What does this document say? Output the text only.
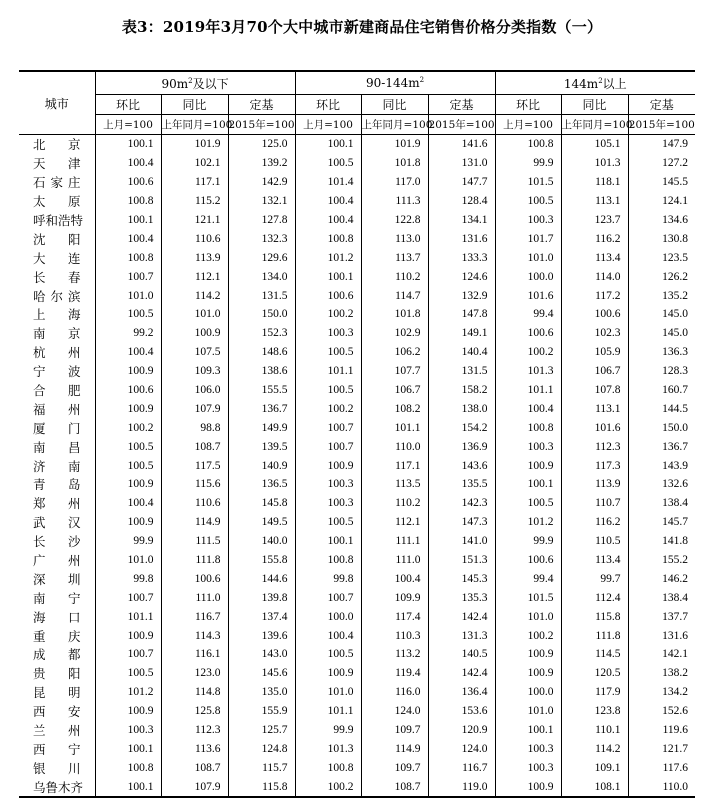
表3：2019年3月70个大中城市新建商品住宅销售价格分类指数（一）
城市	$90m^2$及以下			$90-144m^2$			$144m^2$以上		
	环比	同比	定基	环比	同比	定基	环比	同比	定基
	上月=100	上年同月=100	2015年=100	上月=100	上年同月=100	2015年=100	上月=100	上年同月=100	2015年=100
北京	100.1	101.9	125.0	100.1	101.9	141.6	100.8	105.1	147.9
天津	100.4	102.1	139.2	100.5	101.8	131.0	99.9	101.3	127.2
石家庄	100.6	117.1	142.9	101.4	117.0	147.7	101.5	118.1	145.5
太原	100.8	115.2	132.1	100.4	111.3	128.4	100.5	113.1	124.1
呼和浩特	100.1	121.1	127.8	100.4	122.8	134.1	100.3	123.7	134.6
沈阳	100.4	110.6	132.3	100.8	113.0	131.6	101.7	116.2	130.8
大连	100.8	113.9	129.6	101.2	113.7	133.3	101.0	113.4	123.5
长春	100.7	112.1	134.0	100.1	110.2	124.6	100.0	114.0	126.2
哈尔滨	101.0	114.2	131.5	100.6	114.7	132.9	101.6	117.2	135.2
上海	100.5	101.0	150.0	100.2	101.8	147.8	99.4	100.6	145.0
南京	99.2	100.9	152.3	100.3	102.9	149.1	100.6	102.3	145.0
杭州	100.4	107.5	148.6	100.5	106.2	140.4	100.2	105.9	136.3
宁波	100.9	109.3	138.6	101.1	107.7	131.5	101.3	106.7	128.3
合肥	100.6	106.0	155.5	100.5	106.7	158.2	101.1	107.8	160.7
福州	100.9	107.9	136.7	100.2	108.2	138.0	100.4	113.1	144.5
厦门	100.2	98.8	149.9	100.7	101.1	154.2	100.8	101.6	150.0
南昌	100.5	108.7	139.5	100.7	110.0	136.9	100.3	112.3	136.7
济南	100.5	117.5	140.9	100.9	117.1	143.6	100.9	117.3	143.9
青岛	100.9	115.6	136.5	100.3	113.5	135.5	100.1	113.9	132.6
郑州	100.4	110.6	145.8	100.3	110.2	142.3	100.5	110.7	138.4
武汉	100.9	114.9	149.5	100.5	112.1	147.3	101.2	116.2	145.7
长沙	99.9	111.5	140.0	100.1	111.1	141.0	99.9	110.5	141.8
广州	101.0	111.8	155.8	100.8	111.0	151.3	100.6	113.4	155.2
深圳	99.8	100.6	144.6	99.8	100.4	145.3	99.4	99.7	146.2
南宁	100.7	111.0	139.8	100.7	109.9	135.3	101.5	112.4	138.4
海口	101.1	116.7	137.4	100.0	117.4	142.4	101.0	115.8	137.7
重庆	100.9	114.3	139.6	100.4	110.3	131.3	100.2	111.8	131.6
成都	100.7	116.1	143.0	100.5	113.2	140.5	100.9	114.5	142.1
贵阳	100.5	123.0	145.6	100.9	119.4	142.4	100.9	120.5	138.2
昆明	101.2	114.8	135.0	101.0	116.0	136.4	100.0	117.9	134.2
西安	100.9	125.8	155.9	101.1	124.0	153.6	101.0	123.8	152.6
兰州	100.3	112.3	125.7	99.9	109.7	120.9	100.1	110.1	119.6
西宁	100.1	113.6	124.8	101.3	114.9	124.0	100.3	114.2	121.7
银川	100.8	108.7	115.7	100.8	109.7	116.7	100.3	109.1	117.6
乌鲁木齐	100.1	107.9	115.8	100.2	108.7	119.0	100.9	108.1	110.0
